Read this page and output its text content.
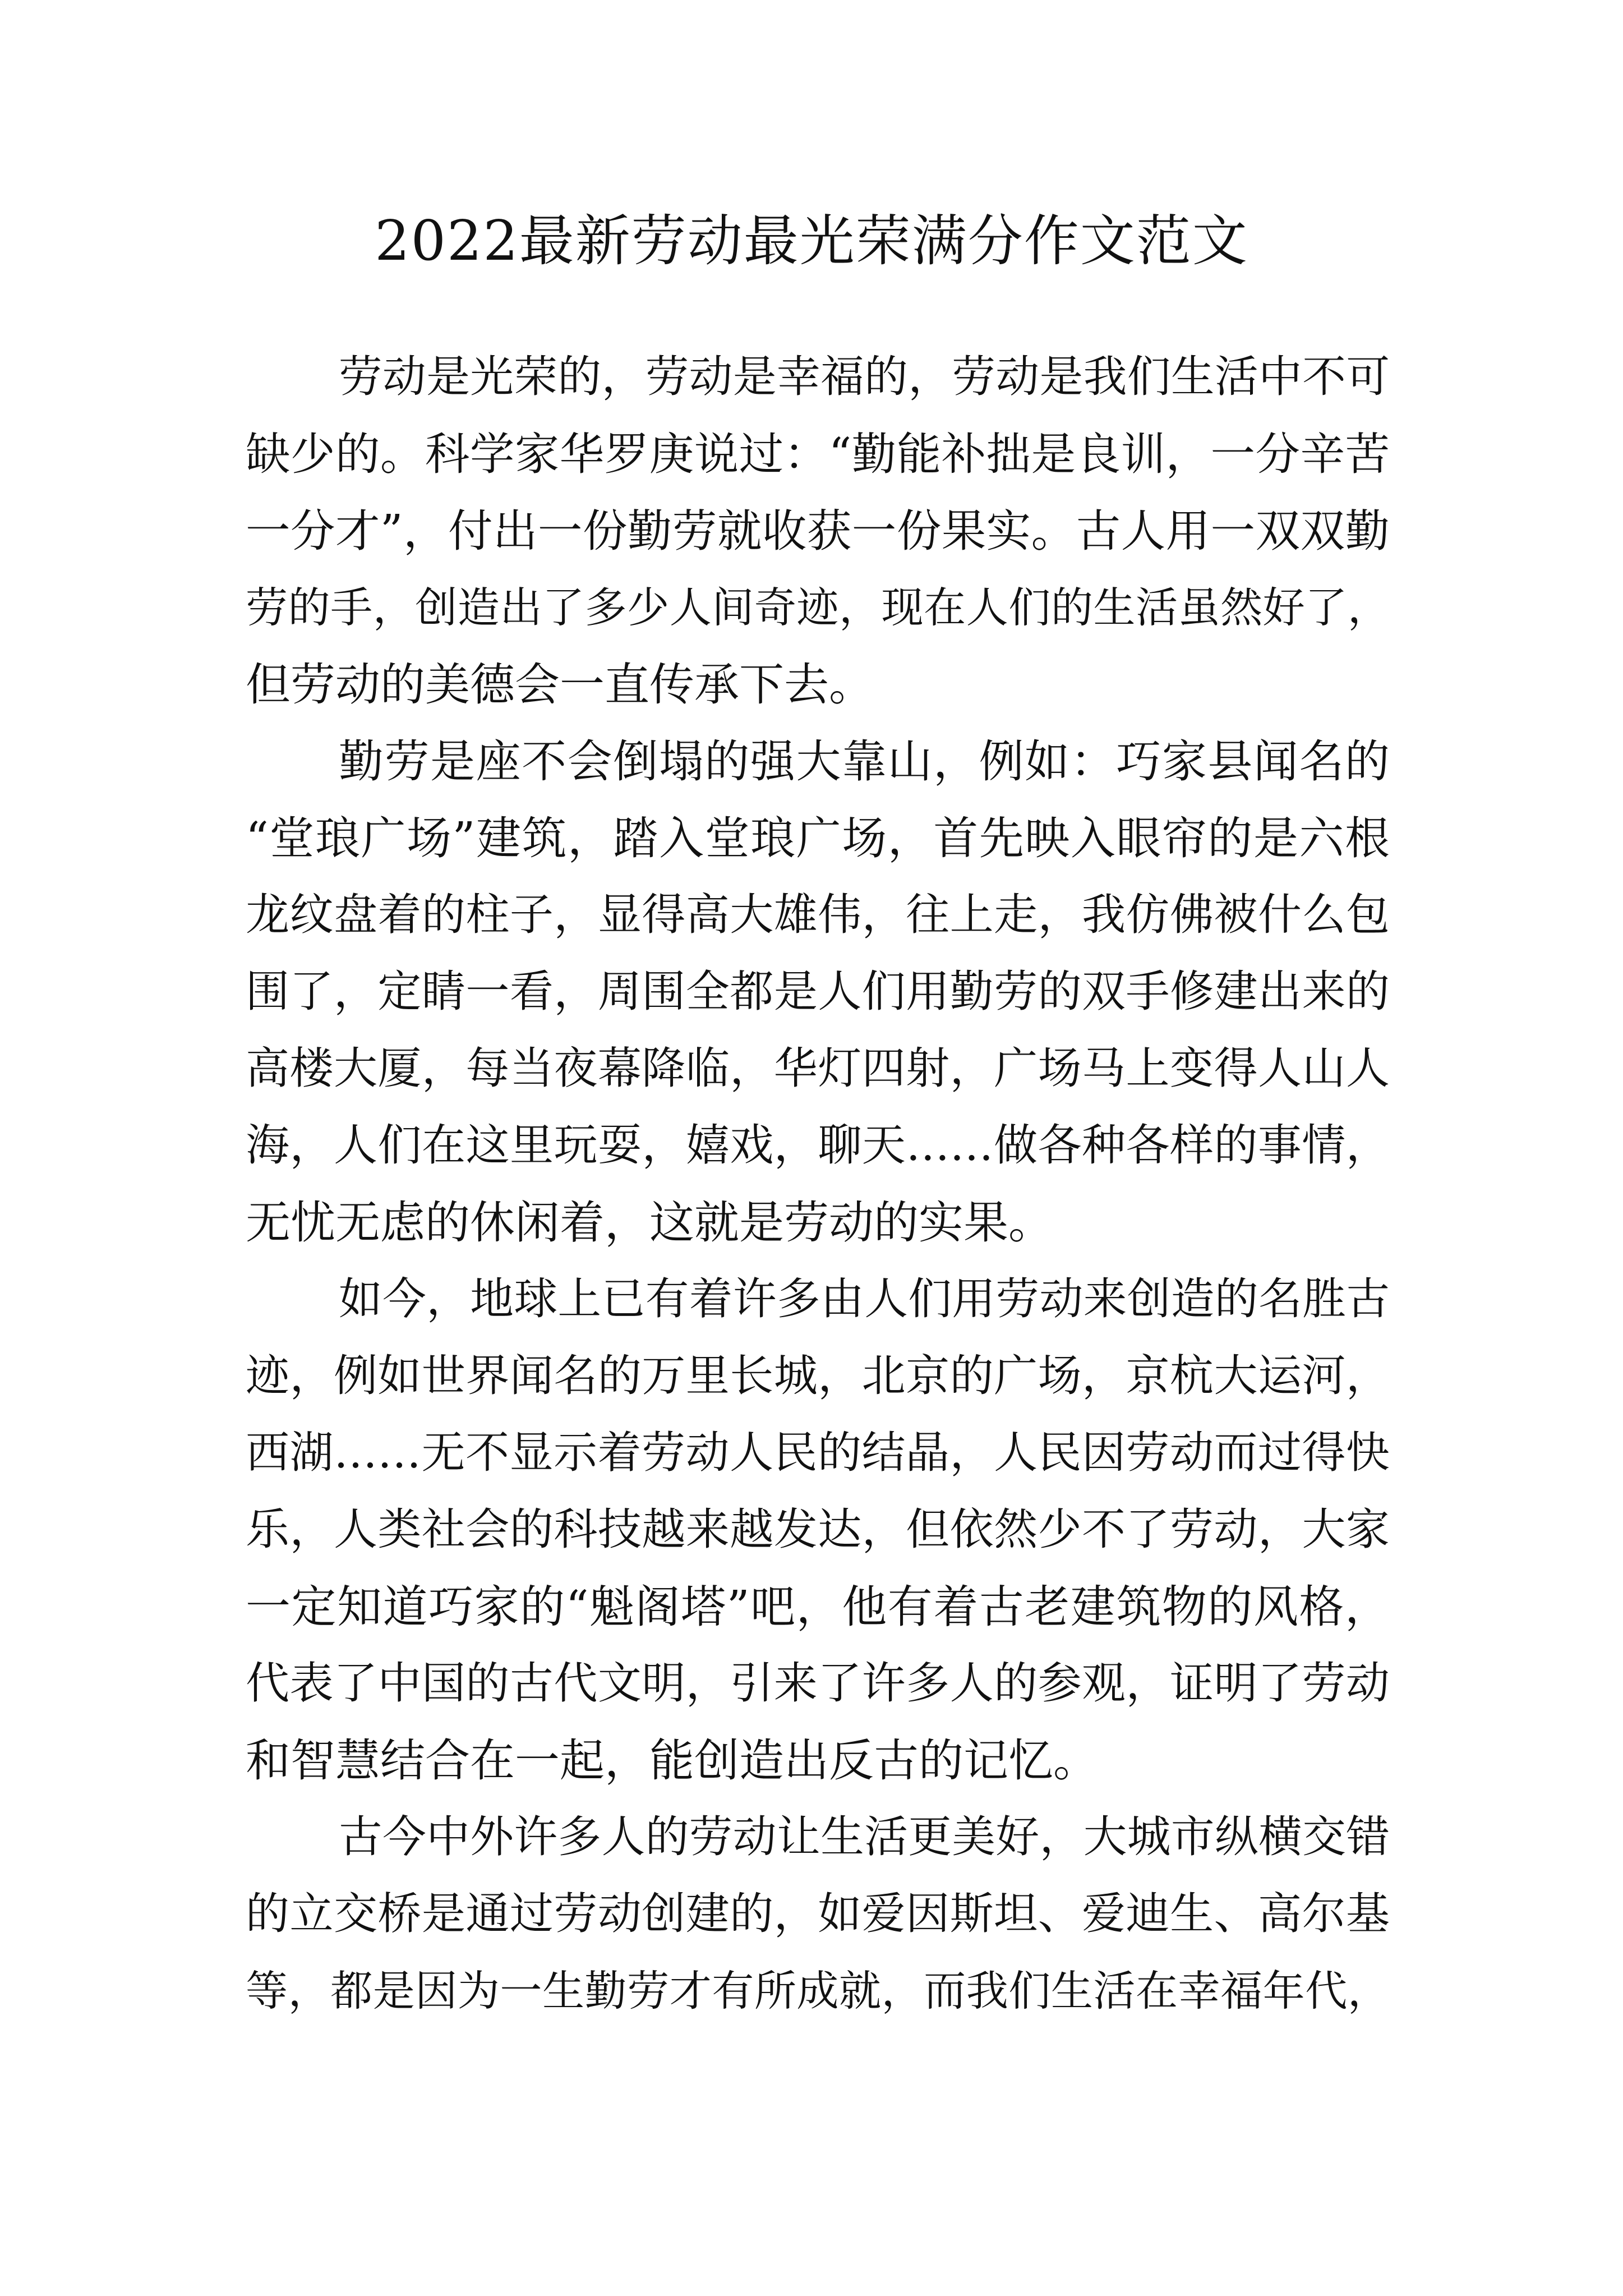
2022最新劳动最光荣满分作文范文
劳动是光荣的，劳动是幸福的，劳动是我们生活中不可
缺少的。科学家华罗庚说过：“勤能补拙是良训，一分辛苦
一分才”，付出一份勤劳就收获一份果实。古人用一双双勤
劳的手，创造出了多少人间奇迹，现在人们的生活虽然好了，
但劳动的美德会一直传承下去。
勤劳是座不会倒塌的强大靠山，例如：巧家县闻名的
“堂琅广场”建筑，踏入堂琅广场，首先映入眼帘的是六根
龙纹盘着的柱子，显得高大雄伟，往上走，我仿佛被什么包
围了，定睛一看，周围全都是人们用勤劳的双手修建出来的
高楼大厦，每当夜幕降临，华灯四射，广场马上变得人山人
海，人们在这里玩耍，嬉戏，聊天……做各种各样的事情，
无忧无虑的休闲着，这就是劳动的实果。
如今，地球上已有着许多由人们用劳动来创造的名胜古
迹，例如世界闻名的万里长城，北京的广场，京杭大运河，
西湖……无不显示着劳动人民的结晶，人民因劳动而过得快
乐，人类社会的科技越来越发达，但依然少不了劳动，大家
一定知道巧家的“魁阁塔”吧，他有着古老建筑物的风格，
代表了中国的古代文明，引来了许多人的参观，证明了劳动
和智慧结合在一起，能创造出反古的记忆。
古今中外许多人的劳动让生活更美好，大城市纵横交错
的立交桥是通过劳动创建的，如爱因斯坦、爱迪生、高尔基
等，都是因为一生勤劳才有所成就，而我们生活在幸福年代，
